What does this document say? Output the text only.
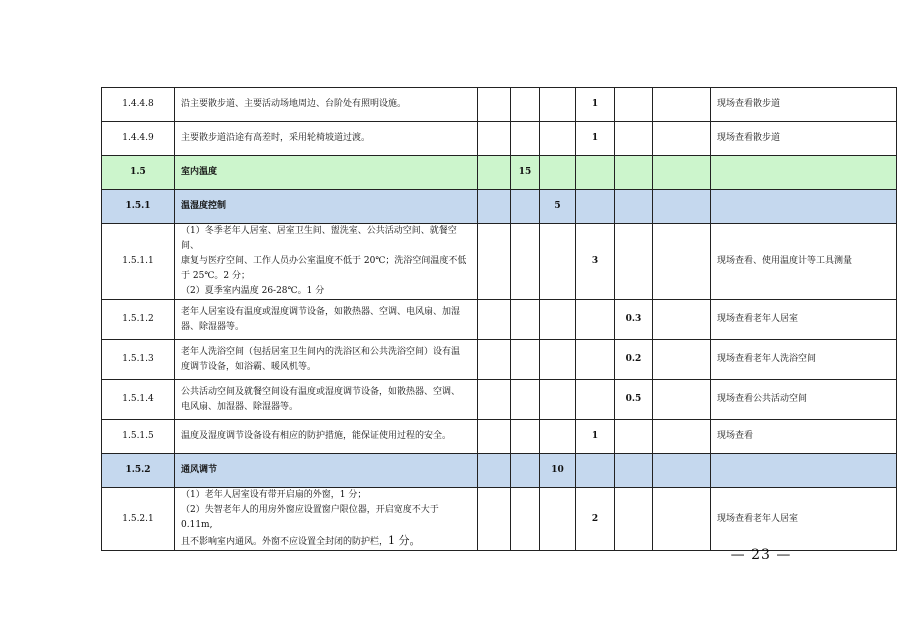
1.4.4.8	沿主要散步道、主要活动场地周边、台阶处有照明设施。				1			现场查看散步道
1.4.4.9	主要散步道沿途有高差时，采用轮椅坡道过渡。				1			现场查看散步道
1.5	室内温度		15					
1.5.1	温湿度控制			5				
1.5.1.1	（1）冬季老年人居室、居室卫生间、盥洗室、公共活动空间、就餐空间、
康复与医疗空间、工作人员办公室温度不低于 20℃；洗浴空间温度不低
于 25℃。2 分；
（2）夏季室内温度 26-28℃。1 分				3			现场查看、使用温度计等工具测量
1.5.1.2	老年人居室设有温度或湿度调节设备，如散热器、空调、电风扇、加湿
器、除湿器等。					0.3		现场查看老年人居室
1.5.1.3	老年人洗浴空间（包括居室卫生间内的洗浴区和公共洗浴空间）设有温
度调节设备，如浴霸、暖风机等。					0.2		现场查看老年人洗浴空间
1.5.1.4	公共活动空间及就餐空间设有温度或湿度调节设备，如散热器、空调、
电风扇、加湿器、除湿器等。					0.5		现场查看公共活动空间
1.5.1.5	温度及湿度调节设备设有相应的防护措施，能保证使用过程的安全。				1			现场查看
1.5.2	通风调节			10				
1.5.2.1	（1）老年人居室设有带开启扇的外窗，1 分；
（2）失智老年人的用房外窗应设置窗户限位器，开启宽度不大于 0.11m,
且不影响室内通风。外窗不应设置全封闭的防护栏，1 分。				2			现场查看老年人居室
— 23 —
